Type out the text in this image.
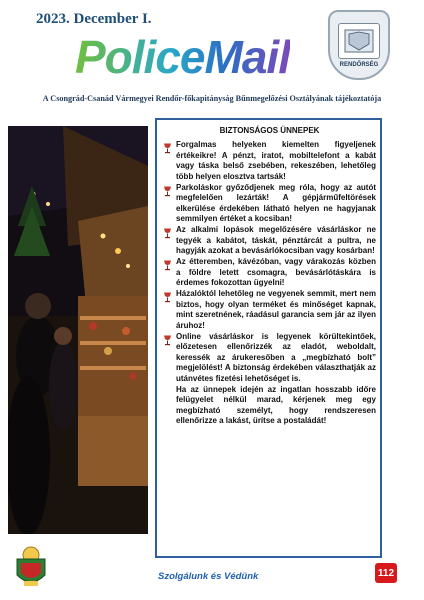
2023. December I.
PoliceMail	RENDŐRSÉG
A Csongrád-Csanád Vármegyei Rendőr-főkapitányság Bűnmegelőzési Osztályának tájékoztatója
BIZTONSÁGOS ÜNNEPEK
Forgalmas helyeken kiemelten figyeljenek értékeikre! A pénzt, iratot, mobiltelefont a kabát vagy táska belső zsebében, rekeszében, lehetőleg több helyen elosztva tartsák!
Parkoláskor győződjenek meg róla, hogy az autót megfelelően lezárták! A gépjárműfeltörések elkerülése érdekében látható helyen ne hagyjanak semmilyen értéket a kocsiban!
Az alkalmi lopások megelőzésére vásárláskor ne tegyék a kabátot, táskát, pénztárcát a pultra, ne hagyják azokat a bevásárlókocsiban vagy kosárban!
Az étteremben, kávézóban, vagy várakozás közben a földre letett csomagra, bevásárlótáskára is érdemes fokozottan ügyelni!
Házalóktól lehetőleg ne vegyenek semmit, mert nem biztos, hogy olyan terméket és minőséget kapnak, mint szeretnének, ráadásul garancia sem jár az ilyen áruhoz!
Online vásárláskor is legyenek körültekintőek, előzetesen ellenőrizzék az eladót, weboldalt, keressék az árukeresőben a „megbízható bolt” megjelölést! A biztonság érdekében választhatják az utánvétes fizetési lehetőséget is.
Ha az ünnepek idején az ingatlan hosszabb időre felügyelet nélkül marad, kérjenek meg egy megbízható személyt, hogy rendszeresen ellenőrizze a lakást, ürítse a postaládát!
Szolgálunk és Védünk	112
